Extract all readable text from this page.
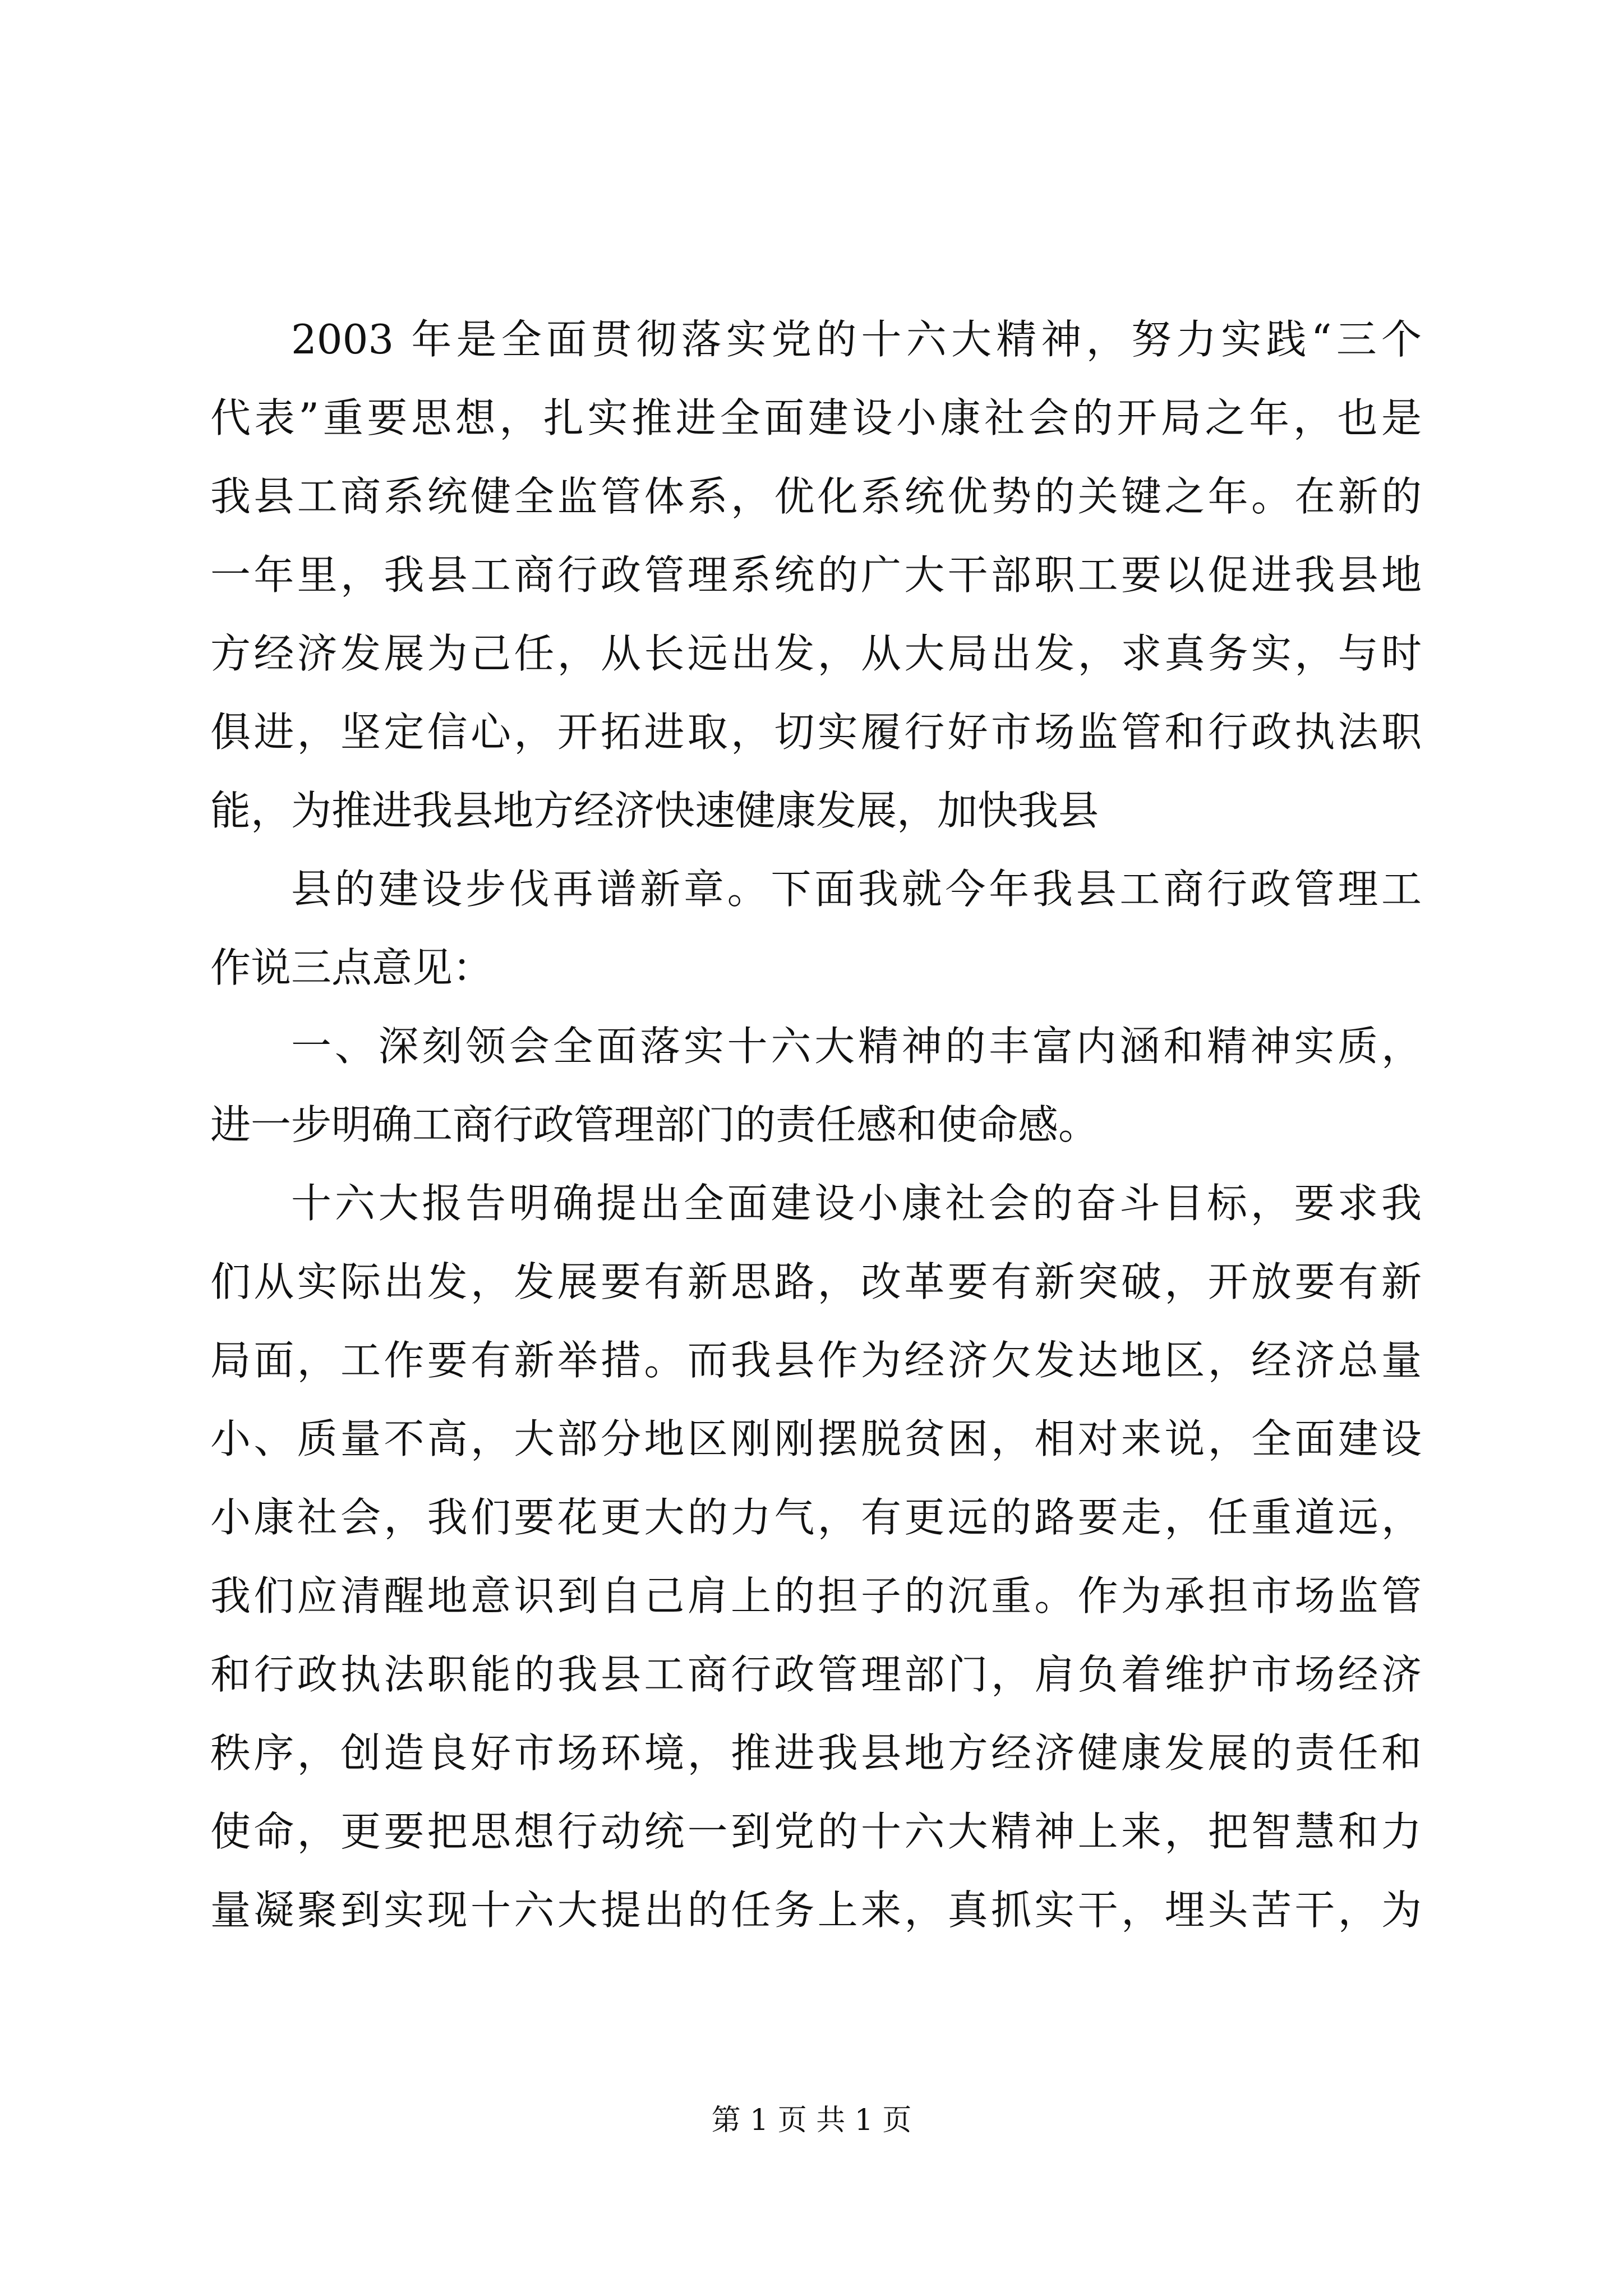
2003 年是全面贯彻落实党的十六大精神，努力实践“三个
代表”重要思想，扎实推进全面建设小康社会的开局之年，也是
我县工商系统健全监管体系，优化系统优势的关键之年。在新的
一年里，我县工商行政管理系统的广大干部职工要以促进我县地
方经济发展为己任，从长远出发，从大局出发，求真务实，与时
俱进，坚定信心，开拓进取，切实履行好市场监管和行政执法职
能，为推进我县地方经济快速健康发展，加快我县
县的建设步伐再谱新章。下面我就今年我县工商行政管理工
作说三点意见：
一、深刻领会全面落实十六大精神的丰富内涵和精神实质，
进一步明确工商行政管理部门的责任感和使命感。
十六大报告明确提出全面建设小康社会的奋斗目标，要求我
们从实际出发，发展要有新思路，改革要有新突破，开放要有新
局面，工作要有新举措。而我县作为经济欠发达地区，经济总量
小、质量不高，大部分地区刚刚摆脱贫困，相对来说，全面建设
小康社会，我们要花更大的力气，有更远的路要走，任重道远，
我们应清醒地意识到自己肩上的担子的沉重。作为承担市场监管
和行政执法职能的我县工商行政管理部门，肩负着维护市场经济
秩序，创造良好市场环境，推进我县地方经济健康发展的责任和
使命，更要把思想行动统一到党的十六大精神上来，把智慧和力
量凝聚到实现十六大提出的任务上来，真抓实干，埋头苦干，为
第 1 页 共 1 页
